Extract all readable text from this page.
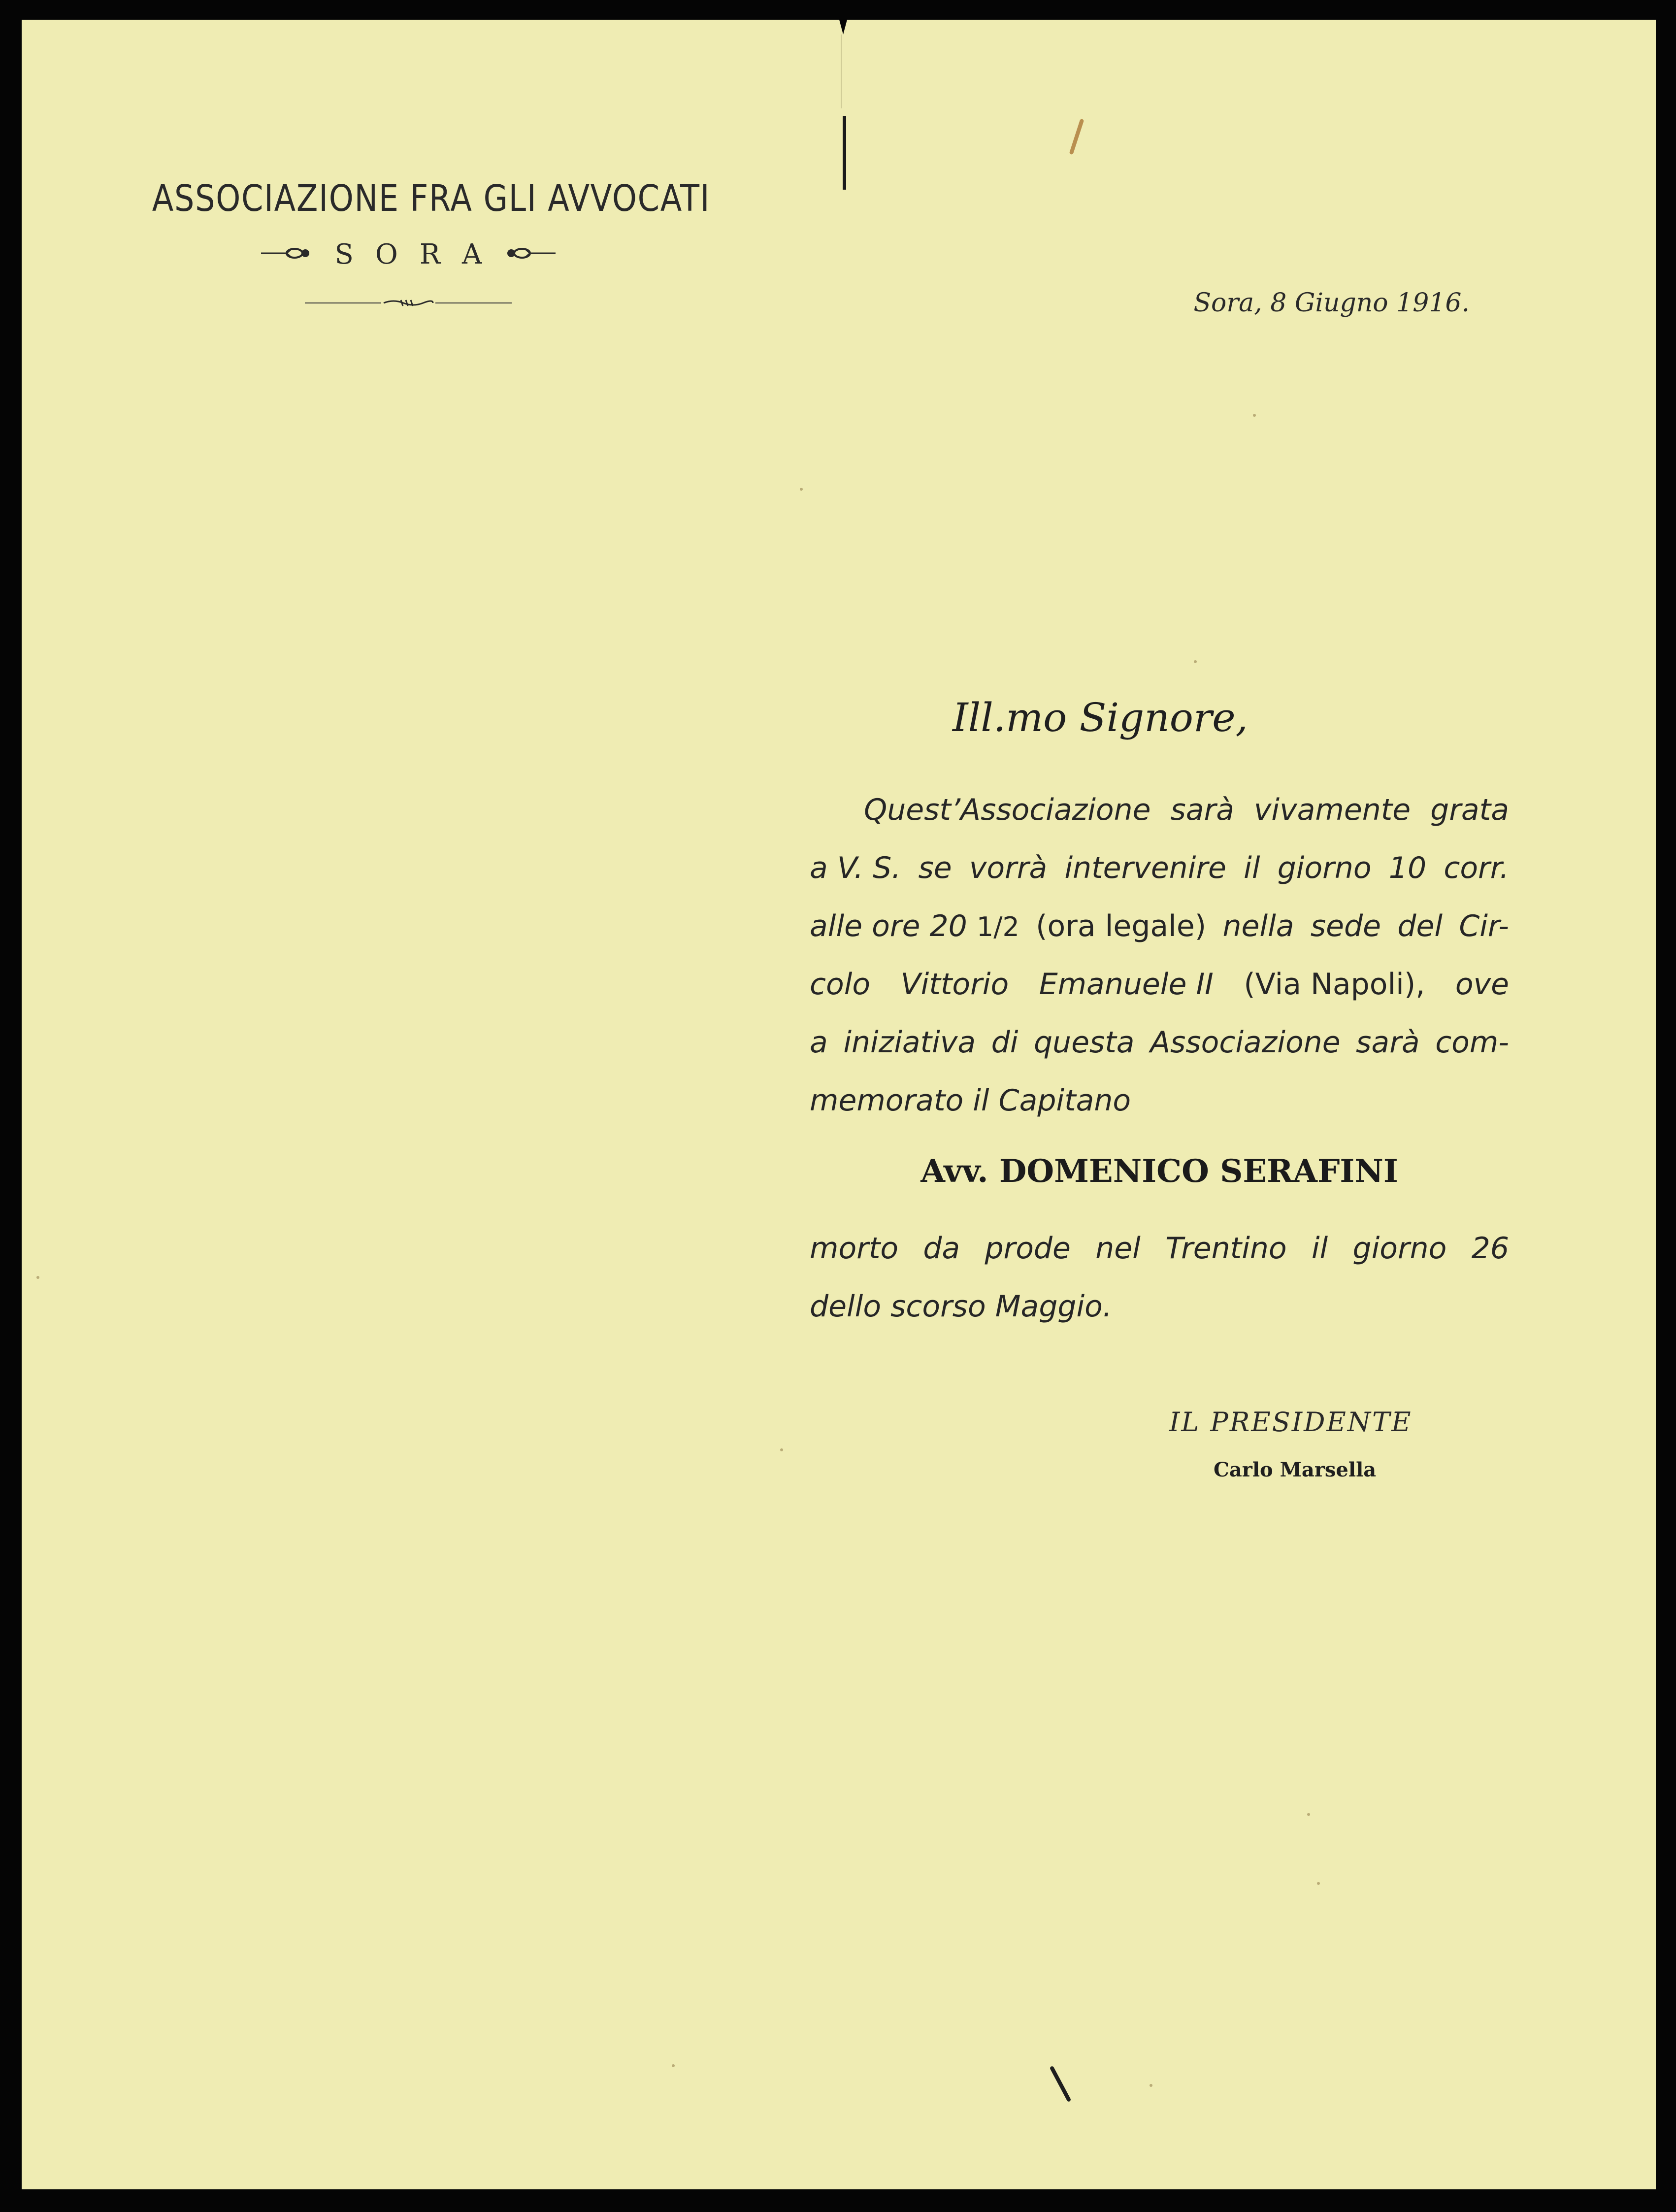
ASSOCIAZIONE FRA GLI AVVOCATI
SORA
Sora, 8 Giugno 1916.
Ill.mo Signore,
Quest’Associazione sarà vivamente grata
a V. S. se vorrà intervenire il giorno 10 corr.
alle ore 20 1/2 (ora legale) nella sede del Cir-
colo Vittorio Emanuele II (Via Napoli), ove
a iniziativa di questa Associazione sarà com-
memorato il Capitano
Avv. DOMENICO SERAFINI
morto da prode nel Trentino il giorno 26
dello scorso Maggio.
IL PRESIDENTE
Carlo Marsella
